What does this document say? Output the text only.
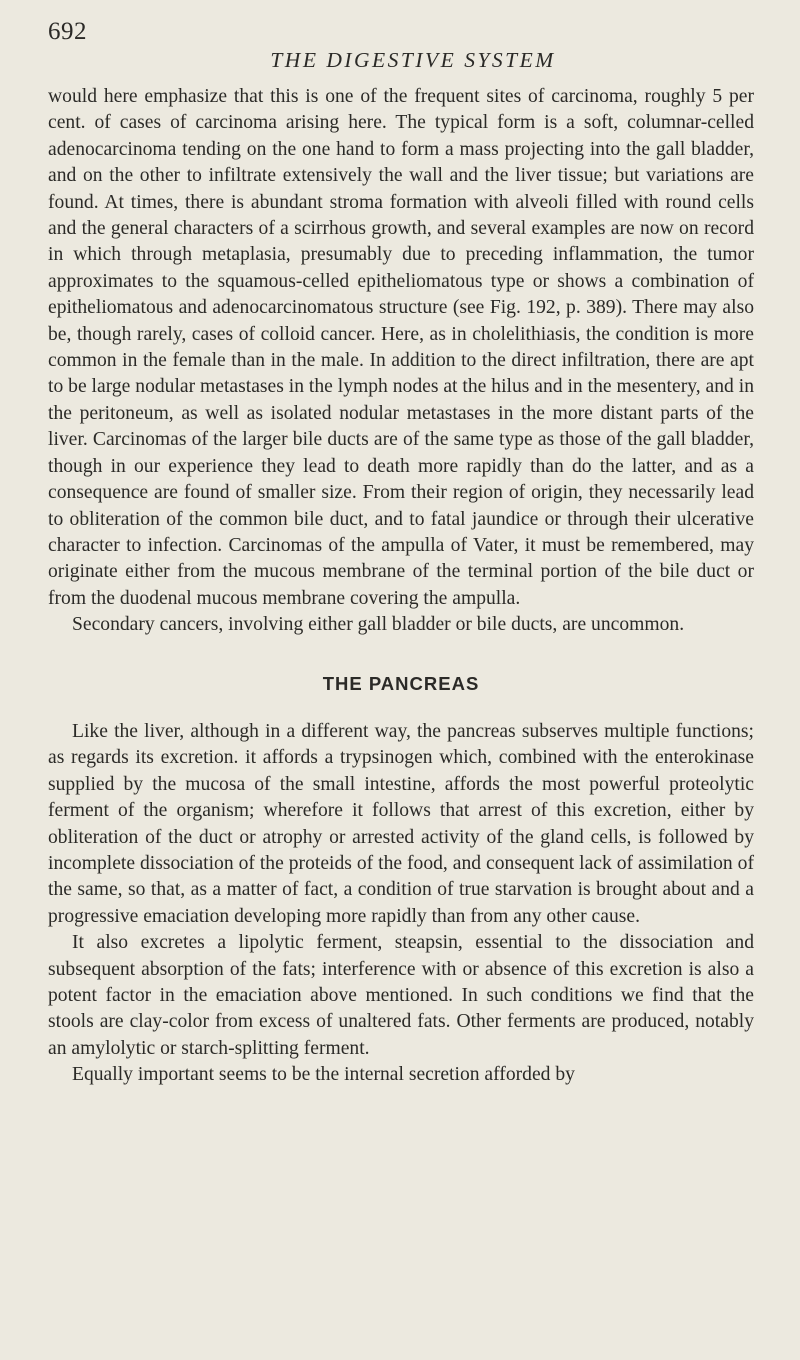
692
THE DIGESTIVE SYSTEM

would here emphasize that this is one of the frequent sites of carcinoma, roughly 5 per cent. of cases of carcinoma arising here. The typical form is a soft, columnar-celled adenocarcinoma tending on the one hand to form a mass projecting into the gall bladder, and on the other to infiltrate extensively the wall and the liver tissue; but variations are found. At times, there is abundant stroma formation with alveoli filled with round cells and the general characters of a scirrhous growth, and several examples are now on record in which through metaplasia, presumably due to preceding inflammation, the tumor approximates to the squamous-celled epitheliomatous type or shows a combination of epitheliomatous and adenocarcinomatous structure (see Fig. 192, p. 389). There may also be, though rarely, cases of colloid cancer. Here, as in cholelithiasis, the condition is more common in the female than in the male. In addition to the direct infiltration, there are apt to be large nodular metastases in the lymph nodes at the hilus and in the mesentery, and in the peritoneum, as well as isolated nodular metastases in the more distant parts of the liver. Carcinomas of the larger bile ducts are of the same type as those of the gall bladder, though in our experience they lead to death more rapidly than do the latter, and as a consequence are found of smaller size. From their region of origin, they necessarily lead to obliteration of the common bile duct, and to fatal jaundice or through their ulcerative character to infection. Carcinomas of the ampulla of Vater, it must be remembered, may originate either from the mucous membrane of the terminal portion of the bile duct or from the duodenal mucous membrane covering the ampulla.

Secondary cancers, involving either gall bladder or bile ducts, are uncommon.

THE PANCREAS

Like the liver, although in a different way, the pancreas subserves multiple functions; as regards its excretion. it affords a trypsinogen which, combined with the enterokinase supplied by the mucosa of the small intestine, affords the most powerful proteolytic ferment of the organism; wherefore it follows that arrest of this excretion, either by obliteration of the duct or atrophy or arrested activity of the gland cells, is followed by incomplete dissociation of the proteids of the food, and consequent lack of assimilation of the same, so that, as a matter of fact, a condition of true starvation is brought about and a progressive emaciation developing more rapidly than from any other cause.

It also excretes a lipolytic ferment, steapsin, essential to the dissociation and subsequent absorption of the fats; interference with or absence of this excretion is also a potent factor in the emaciation above mentioned. In such conditions we find that the stools are clay-color from excess of unaltered fats. Other ferments are produced, notably an amylolytic or starch-splitting ferment.

Equally important seems to be the internal secretion afforded by
